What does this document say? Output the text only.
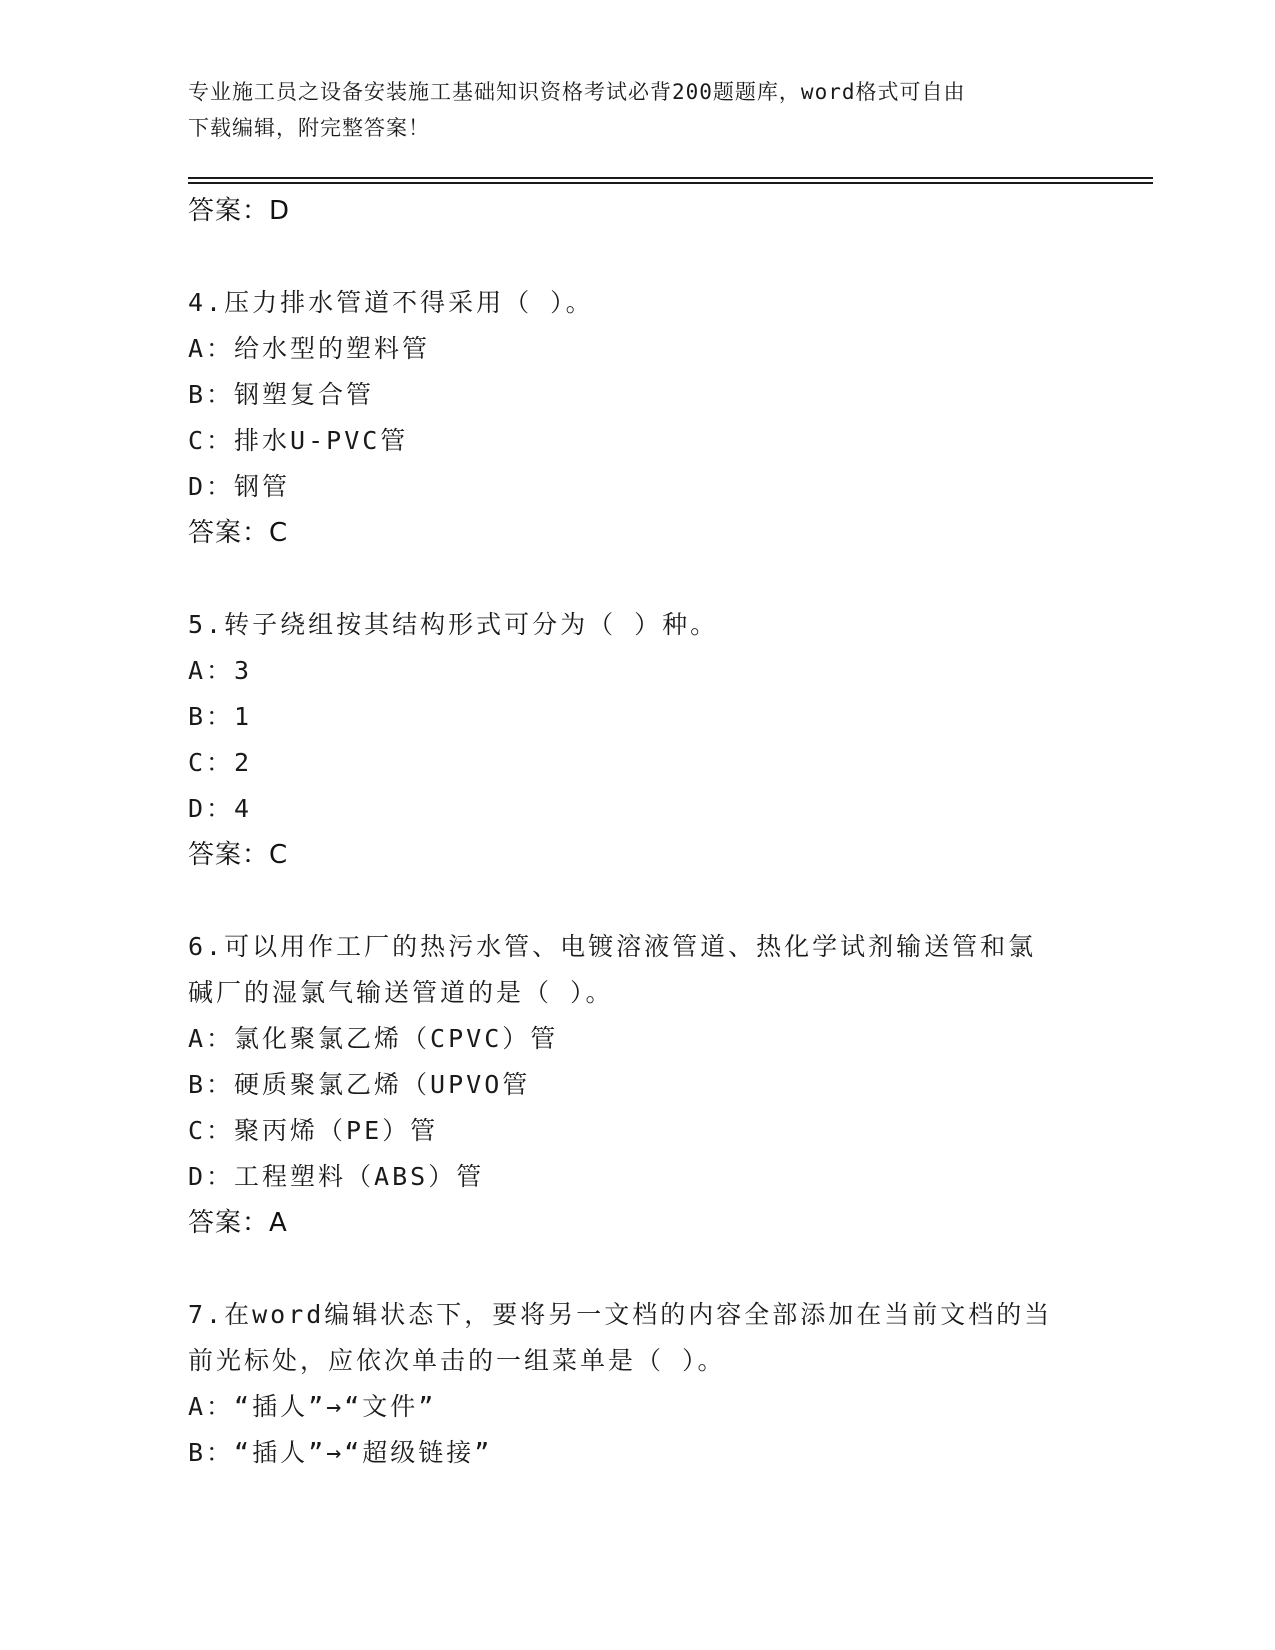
专业施工员之设备安装施工基础知识资格考试必背200题题库，word格式可自由
下载编辑，附完整答案！
答案：D
4.压力排水管道不得采用（ ）。
A：给水型的塑料管
B：钢塑复合管
C：排水U-PVC管
D：钢管
答案：C
5.转子绕组按其结构形式可分为（ ）种。
A：3
B：1
C：2
D：4
答案：C
6.可以用作工厂的热污水管、电镀溶液管道、热化学试剂输送管和氯
碱厂的湿氯气输送管道的是（ ）。
A：氯化聚氯乙烯（CPVC）管
B：硬质聚氯乙烯（UPVO管
C：聚丙烯（PE）管
D：工程塑料（ABS）管
答案：A
7.在word编辑状态下，要将另一文档的内容全部添加在当前文档的当
前光标处，应依次单击的一组菜单是（ ）。
A：“插人”→“文件”
B：“插人”→“超级链接”
